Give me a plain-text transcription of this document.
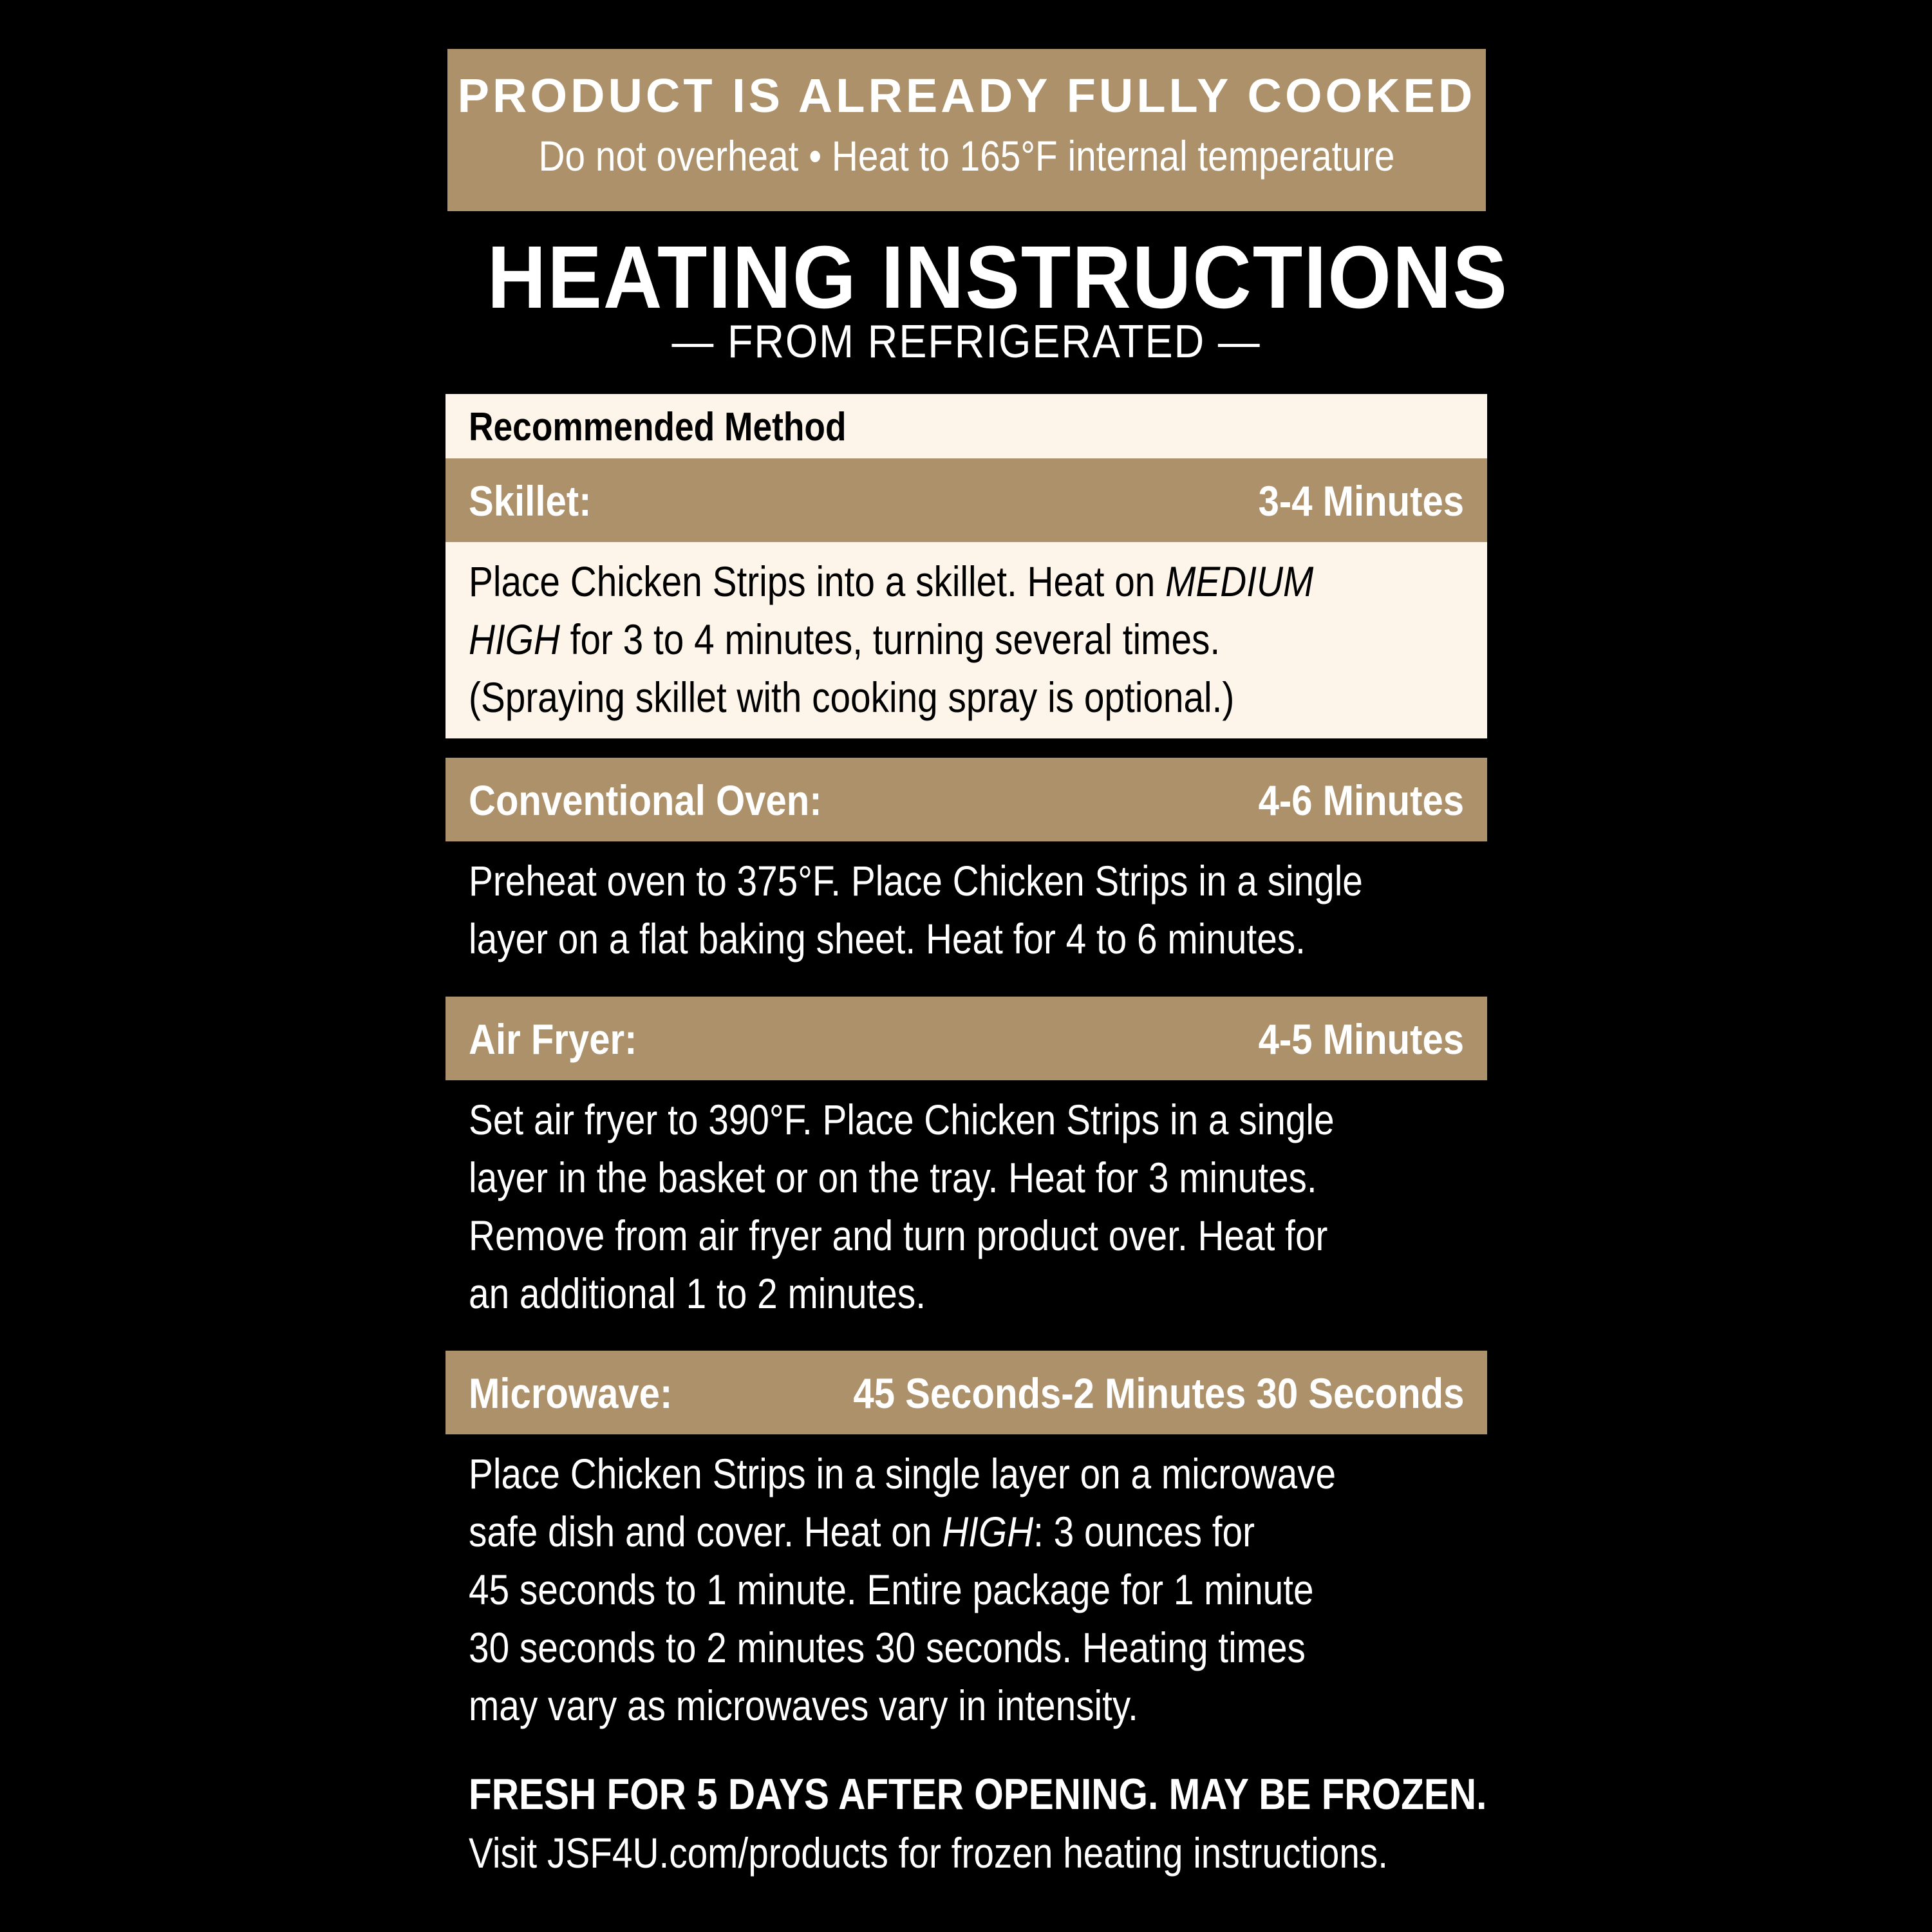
PRODUCT IS ALREADY FULLY COOKED
Do not overheat • Heat to 165°F internal temperature
HEATING INSTRUCTIONS
— FROM REFRIGERATED —
Recommended Method
Skillet:	3-4 Minutes
Place Chicken Strips into a skillet. Heat on MEDIUM
HIGH for 3 to 4 minutes, turning several times.
(Spraying skillet with cooking spray is optional.)
Conventional Oven:	4-6 Minutes
Preheat oven to 375°F. Place Chicken Strips in a single
layer on a flat baking sheet. Heat for 4 to 6 minutes.
Air Fryer:	4-5 Minutes
Set air fryer to 390°F. Place Chicken Strips in a single
layer in the basket or on the tray. Heat for 3 minutes.
Remove from air fryer and turn product over. Heat for
an additional 1 to 2 minutes.
Microwave:	45 Seconds-2 Minutes 30 Seconds
Place Chicken Strips in a single layer on a microwave
safe dish and cover. Heat on HIGH: 3 ounces for
45 seconds to 1 minute. Entire package for 1 minute
30 seconds to 2 minutes 30 seconds. Heating times
may vary as microwaves vary in intensity.
FRESH FOR 5 DAYS AFTER OPENING. MAY BE FROZEN.
Visit JSF4U.com/products for frozen heating instructions.
